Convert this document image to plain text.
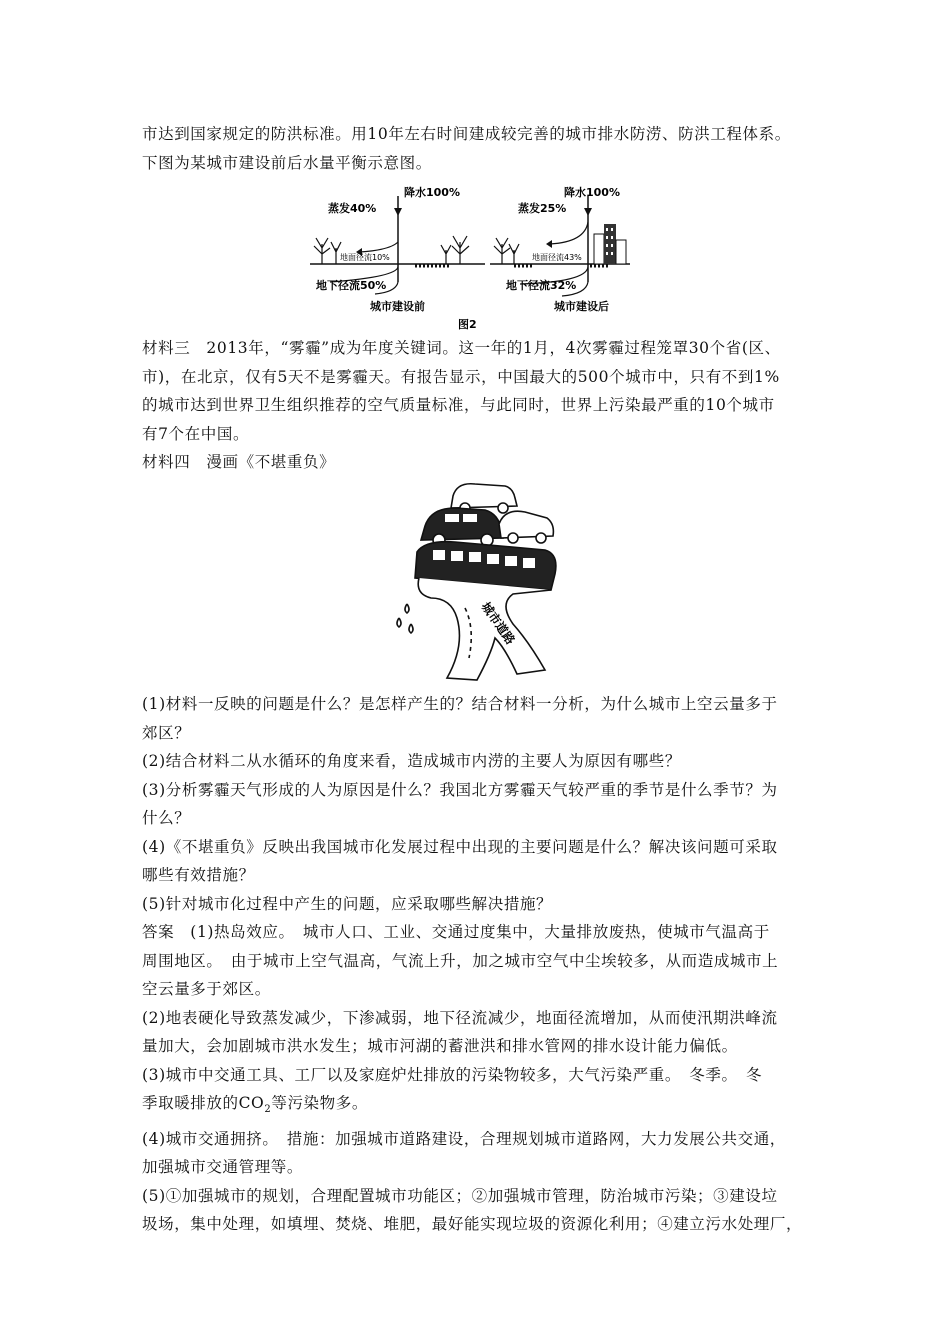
市达到国家规定的防洪标准。用10年左右时间建成较完善的城市排水防涝、防洪工程体系。
下图为某城市建设前后水量平衡示意图。

降水100%
蒸发40%
地面径流10%
地下径流50%
城市建设前
降水100%
蒸发25%
地面径流43%
地下径流32%
城市建设后
图2

材料三　2013年，“雾霾”成为年度关键词。这一年的1月，4次雾霾过程笼罩30个省(区、
市)，在北京，仅有5天不是雾霾天。有报告显示，中国最大的500个城市中，只有不到1%
的城市达到世界卫生组织推荐的空气质量标准，与此同时，世界上污染最严重的10个城市
有7个在中国。

材料四　漫画《不堪重负》

城市道路

(1)材料一反映的问题是什么？是怎样产生的？结合材料一分析，为什么城市上空云量多于
郊区？
(2)结合材料二从水循环的角度来看，造成城市内涝的主要人为原因有哪些？
(3)分析雾霾天气形成的人为原因是什么？我国北方雾霾天气较严重的季节是什么季节？为
什么？
(4)《不堪重负》反映出我国城市化发展过程中出现的主要问题是什么？解决该问题可采取
哪些有效措施？
(5)针对城市化过程中产生的问题，应采取哪些解决措施？

答案　(1)热岛效应。　城市人口、工业、交通过度集中，大量排放废热，使城市气温高于
周围地区。　由于城市上空气温高，气流上升，加之城市空气中尘埃较多，从而造成城市上
空云量多于郊区。
(2)地表硬化导致蒸发减少，下渗减弱，地下径流减少，地面径流增加，从而使汛期洪峰流
量加大，会加剧城市洪水发生；城市河湖的蓄泄洪和排水管网的排水设计能力偏低。
(3)城市中交通工具、工厂以及家庭炉灶排放的污染物较多，大气污染严重。　冬季。　冬
季取暖排放的$CO_2$等污染物多。
(4)城市交通拥挤。　措施：加强城市道路建设，合理规划城市道路网，大力发展公共交通，
加强城市交通管理等。
(5)①加强城市的规划，合理配置城市功能区；②加强城市管理，防治城市污染；③建设垃
圾场，集中处理，如填埋、焚烧、堆肥，最好能实现垃圾的资源化利用；④建立污水处理厂，
